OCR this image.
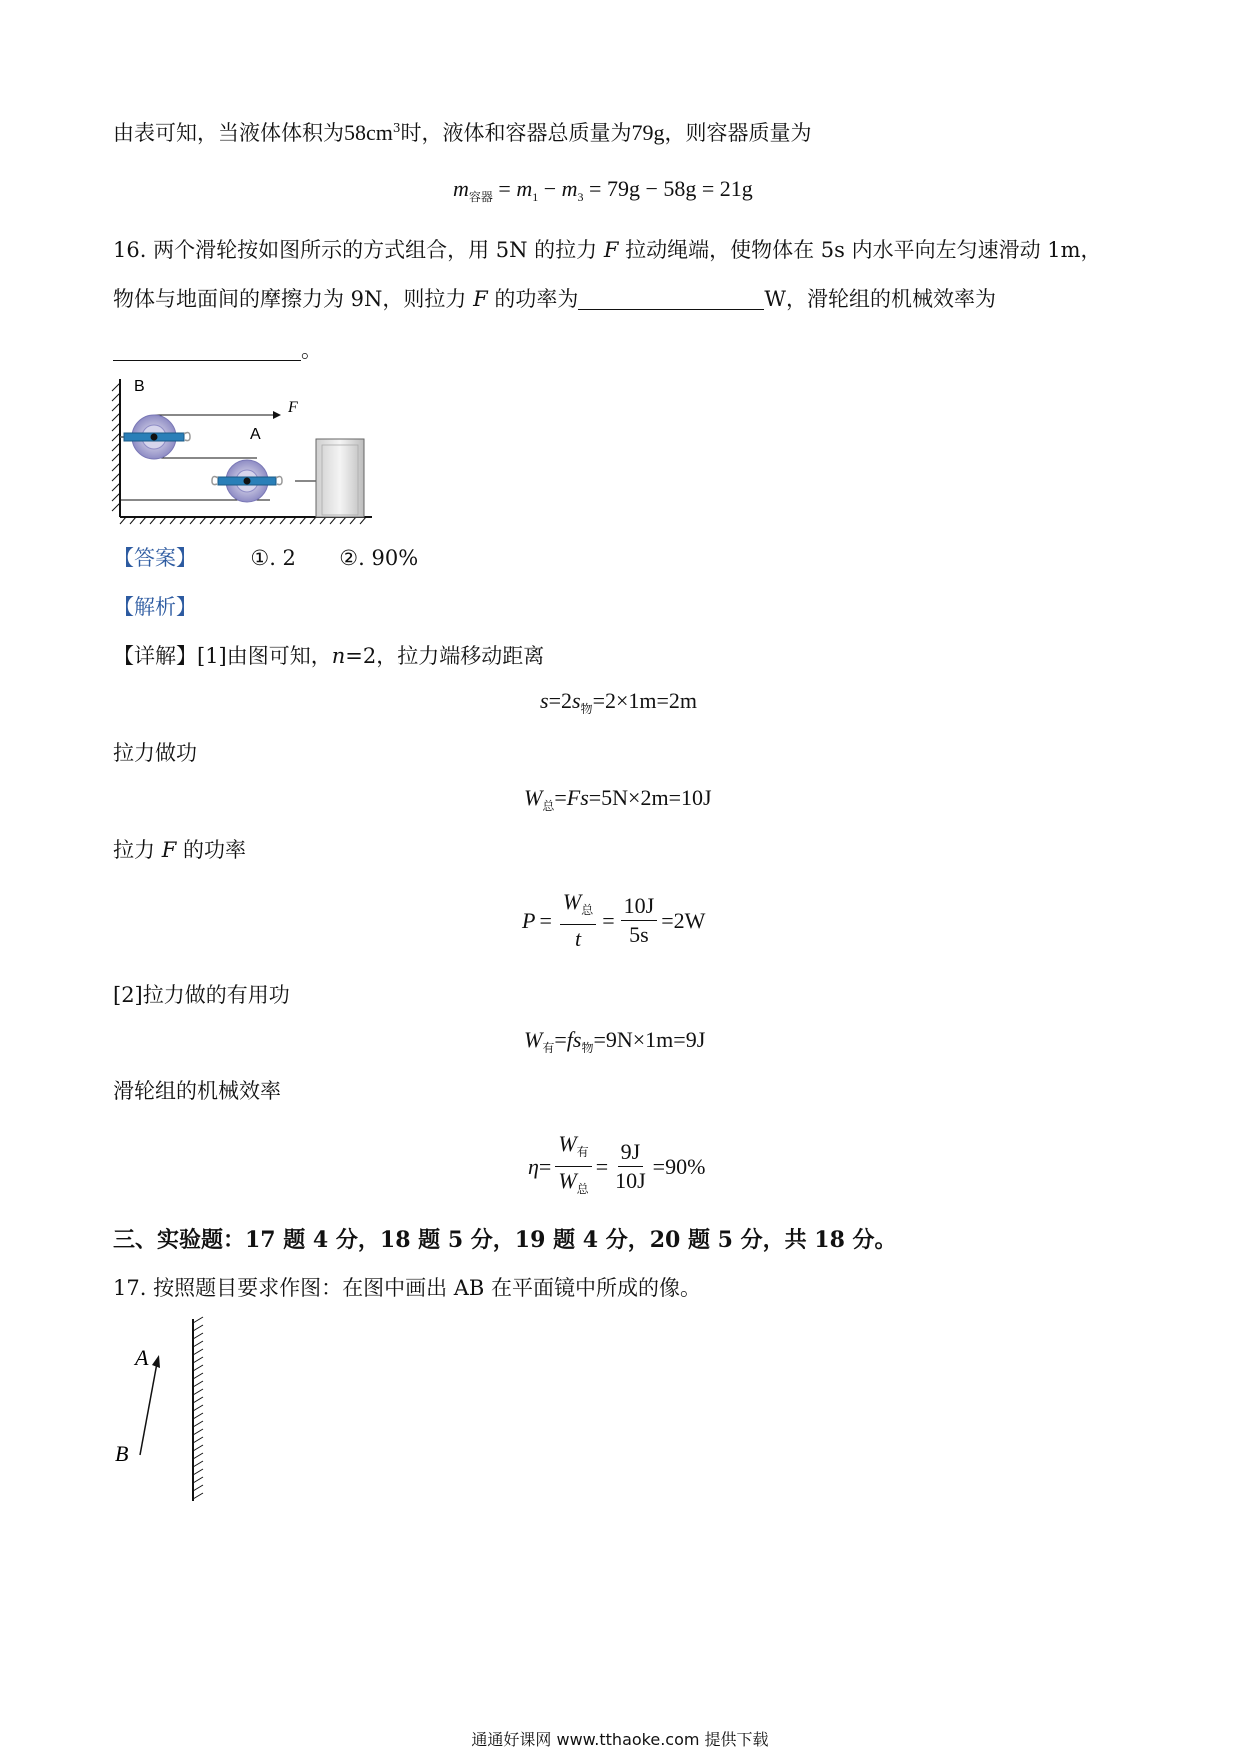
由表可知，当液体体积为$58cm^3$时，液体和容器总质量为79g，则容器质量为
$m_{容器} = m_1 - m_3 = 79g - 58g = 21g$
16. 两个滑轮按如图所示的方式组合，用 5N 的拉力 F 拉动绳端，使物体在 5s 内水平向左匀速滑动 1m，
物体与地面间的摩擦力为 9N，则拉力 F 的功率为	W，滑轮组的机械效率为
。
B
A
F
【答案】	①. 2 ②. 90%
【解析】
【详解】[1]由图可知，n=2，拉力端移动距离
$s=2s_物=2\times 1m=2m$
拉力做功
$W_总=Fs=5N\times 2m=10J$
拉力 F 的功率
$P = \frac{W_总}{t} = \frac{10J}{5s} =2W$
[2]拉力做的有用功
$W_有=fs_物=9N\times 1m=9J$
滑轮组的机械效率
$\eta = \frac{W_有}{W_总} = \frac{9J}{10J} =90\%$
三、实验题：17 题 4 分，18 题 5 分，19 题 4 分，20 题 5 分，共 18 分。
17. 按照题目要求作图：在图中画出 AB 在平面镜中所成的像。
A
B
通通好课网 www.tthaoke.com 提供下载
